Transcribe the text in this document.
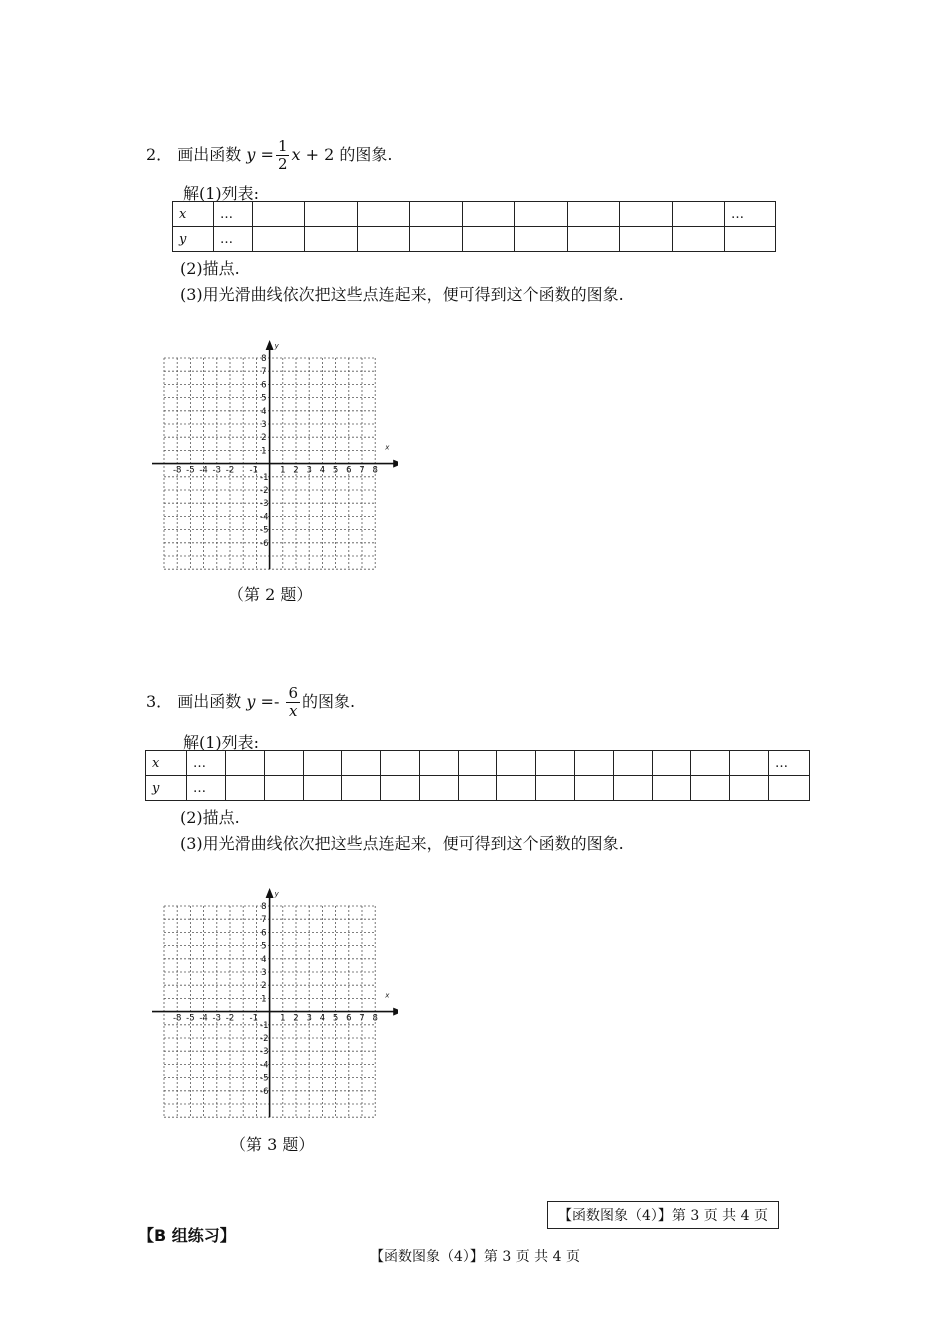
2． 画出函数 $y = \frac{1}{2}$ x + 2 的图象.
解(1)列表:
x	…										…
y	…										
(2)描点.
(3)用光滑曲线依次把这些点连起来，便可得到这个函数的图象.
x
y
-8 -5 -4 -3 -2 -1	1 2 3 4 5 6 7 8
1
2
3
4
5
6
7
8
-1
-2
-3
-4
-5
-6
（第 2 题）
3． 画出函数 $y =- \frac{6}{x}$ 的图象.
解(1)列表:
x	…															…
y	…															
(2)描点.
(3)用光滑曲线依次把这些点连起来，便可得到这个函数的图象.
x
y
-8 -5 -4 -3 -2 -1	1 2 3 4 5 6 7 8
1
2
3
4
5
6
7
8
-1
-2
-3
-4
-5
-6
（第 3 题）
【函数图象（4）】第 3 页 共 4 页
【B 组练习】
【函数图象（4）】第 3 页 共 4 页
